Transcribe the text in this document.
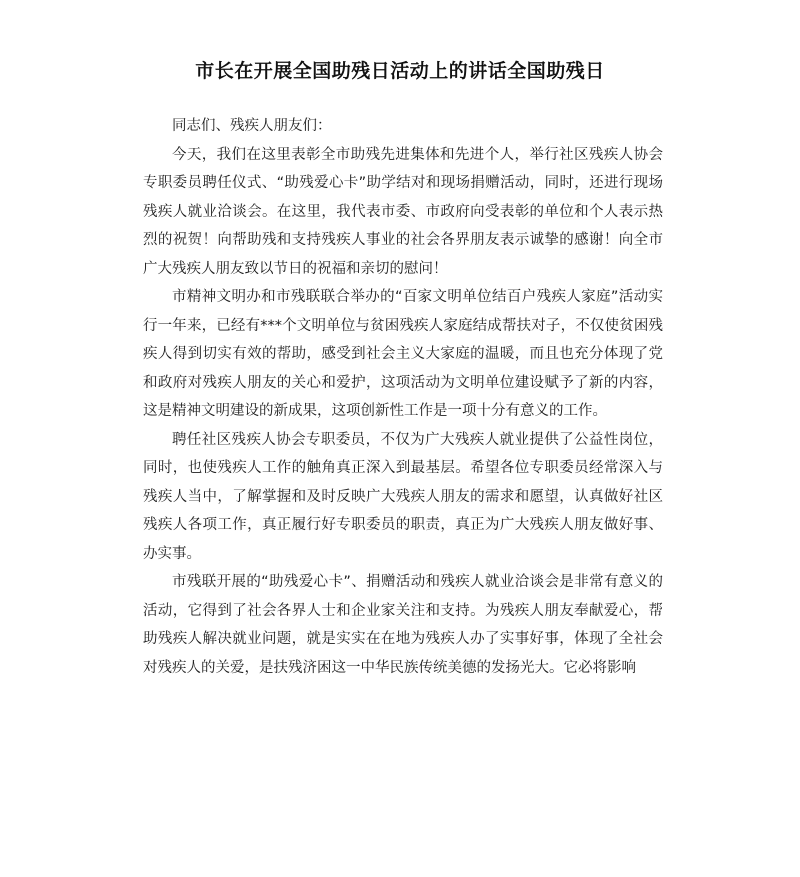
市长在开展全国助残日活动上的讲话全国助残日

同志们、残疾人朋友们：

今天，我们在这里表彰全市助残先进集体和先进个人，举行社区残疾人协会专职委员聘任仪式、“助残爱心卡”助学结对和现场捐赠活动，同时，还进行现场残疾人就业洽谈会。在这里，我代表市委、市政府向受表彰的单位和个人表示热烈的祝贺！向帮助残和支持残疾人事业的社会各界朋友表示诚挚的感谢！向全市广大残疾人朋友致以节日的祝福和亲切的慰问！

市精神文明办和市残联联合举办的“百家文明单位结百户残疾人家庭”活动实行一年来，已经有***个文明单位与贫困残疾人家庭结成帮扶对子，不仅使贫困残疾人得到切实有效的帮助，感受到社会主义大家庭的温暖，而且也充分体现了党和政府对残疾人朋友的关心和爱护，这项活动为文明单位建设赋予了新的内容，这是精神文明建设的新成果，这项创新性工作是一项十分有意义的工作。

聘任社区残疾人协会专职委员，不仅为广大残疾人就业提供了公益性岗位，同时，也使残疾人工作的触角真正深入到最基层。希望各位专职委员经常深入与残疾人当中，了解掌握和及时反映广大残疾人朋友的需求和愿望，认真做好社区残疾人各项工作，真正履行好专职委员的职责，真正为广大残疾人朋友做好事、办实事。

市残联开展的“助残爱心卡”、捐赠活动和残疾人就业洽谈会是非常有意义的活动，它得到了社会各界人士和企业家关注和支持。为残疾人朋友奉献爱心，帮助残疾人解决就业问题，就是实实在在地为残疾人办了实事好事，体现了全社会对残疾人的关爱，是扶残济困这一中华民族传统美德的发扬光大。它必将影响
